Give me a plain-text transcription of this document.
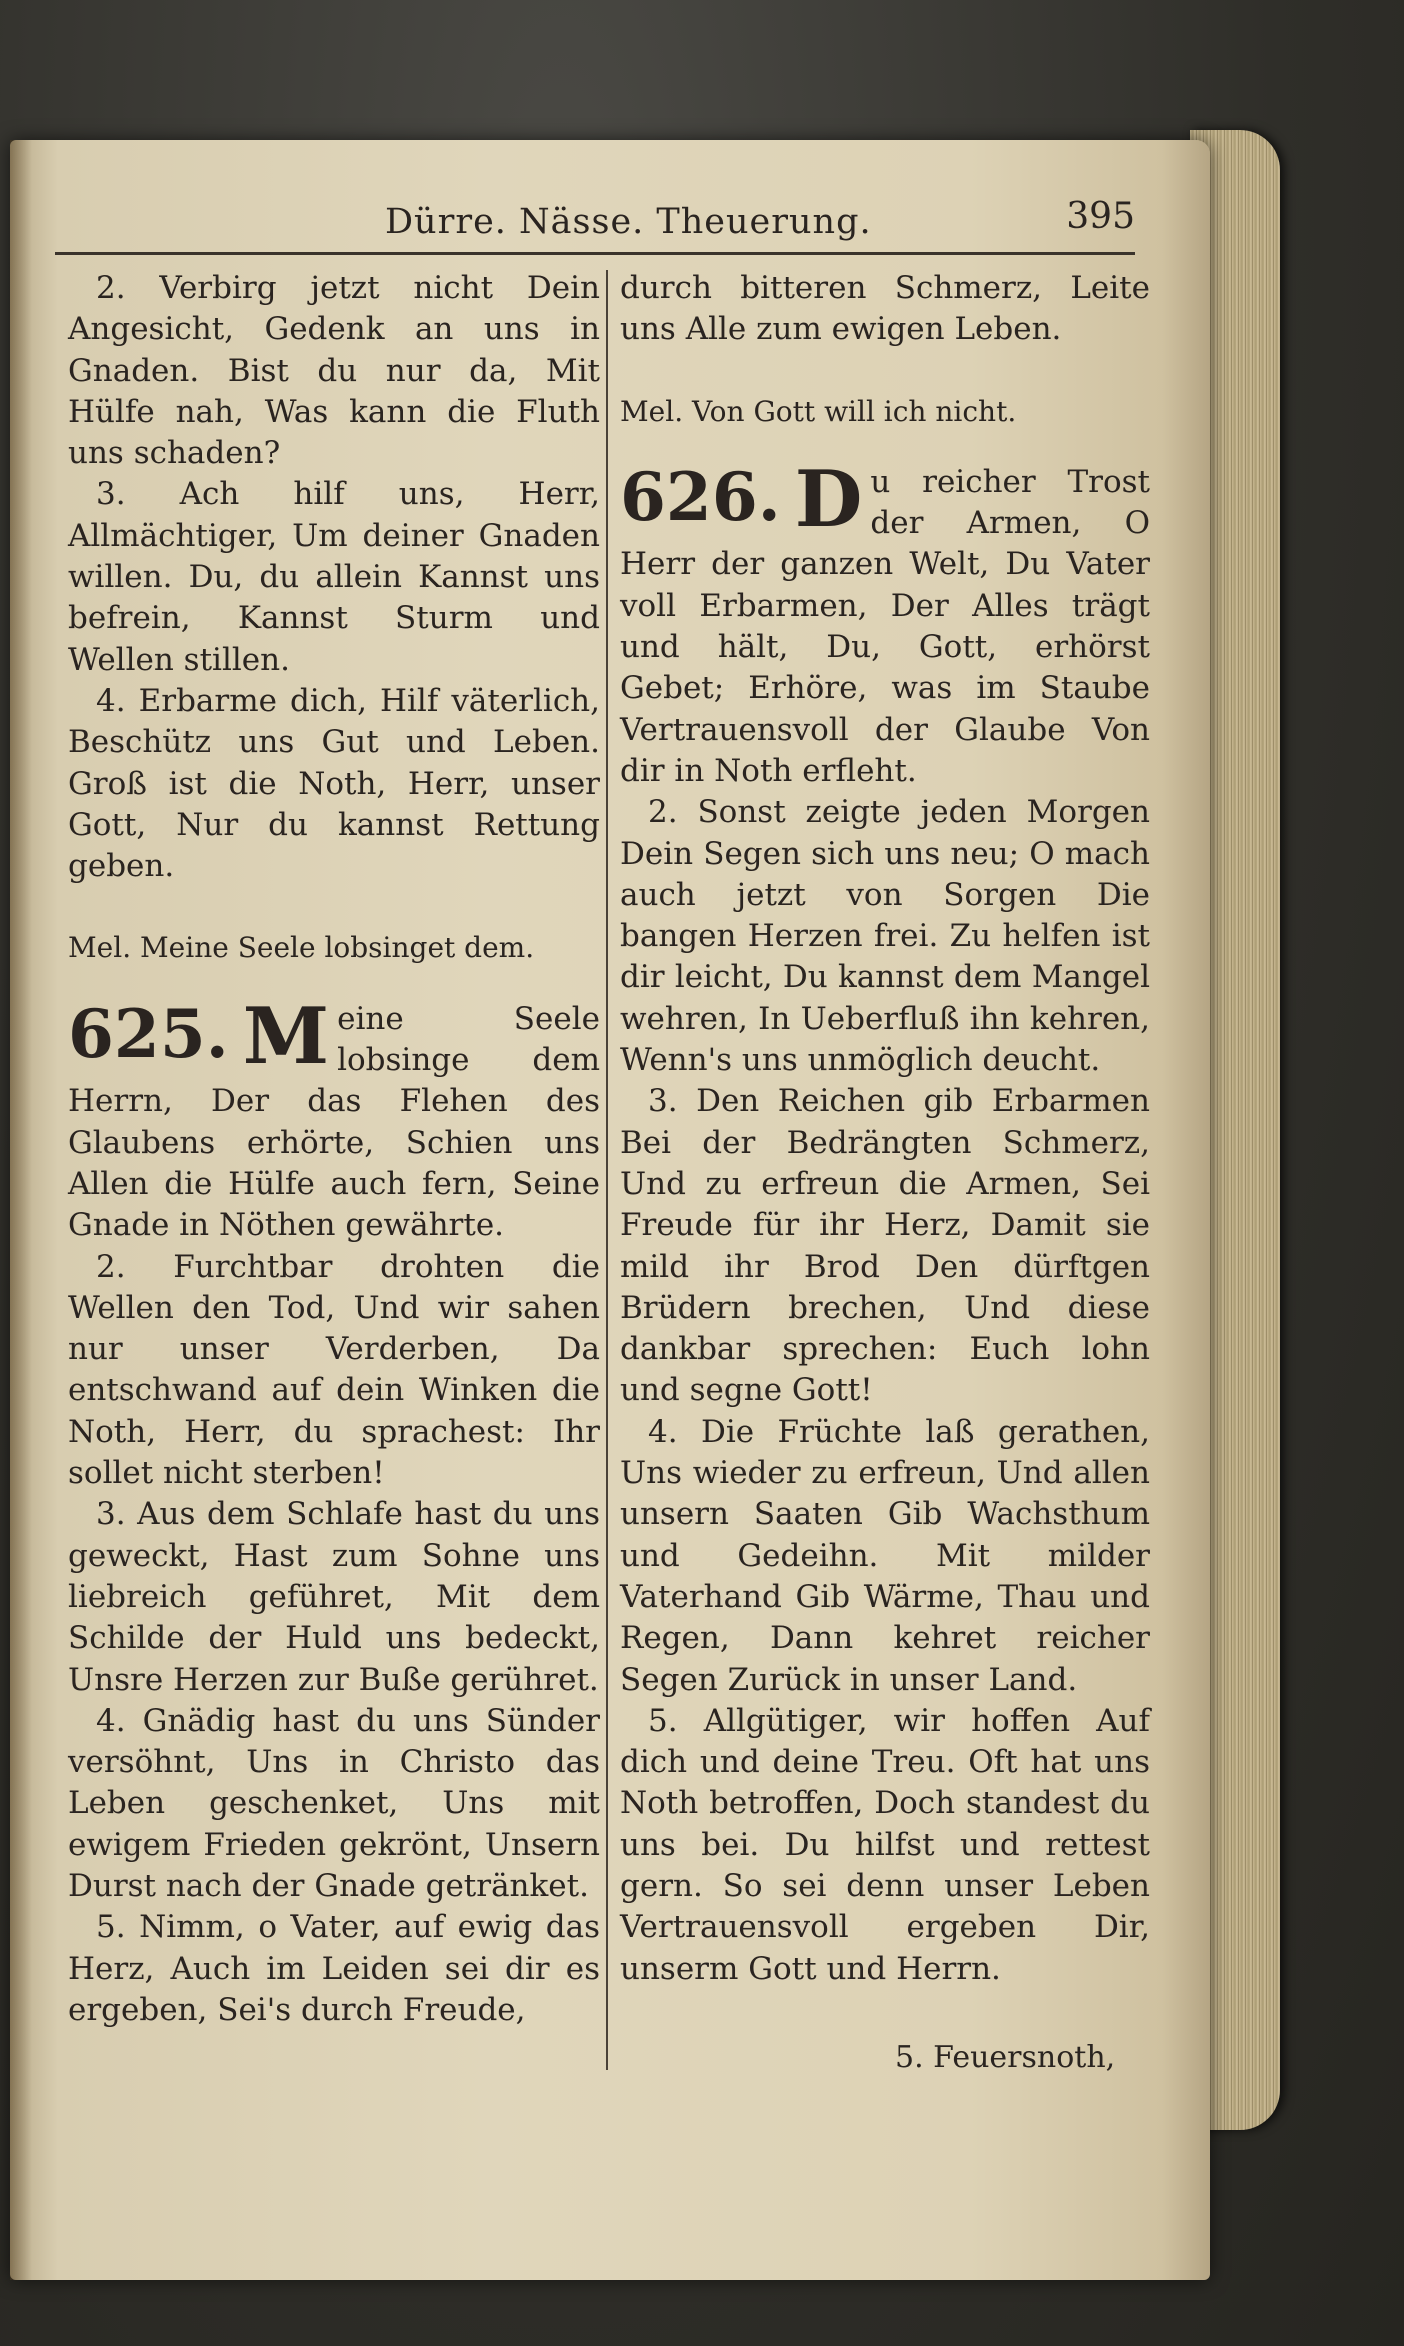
Dürre. Nässe. Theuerung.	395

2. Verbirg jetzt nicht Dein Angesicht, Gedenk an uns in Gnaden. Bist du nur da, Mit Hülfe nah, Was kann die Fluth uns schaden?

3. Ach hilf uns, Herr, Allmächtiger, Um deiner Gnaden willen. Du, du allein Kannst uns befrein, Kannst Sturm und Wellen stillen.

4. Erbarme dich, Hilf väterlich, Beschütz uns Gut und Leben. Groß ist die Noth, Herr, unser Gott, Nur du kannst Rettung geben.

Mel. Meine Seele lobsinget dem.

625. M eine Seele lobsinge dem Herrn, Der das Flehen des Glaubens erhörte, Schien uns Allen die Hülfe auch fern, Seine Gnade in Nöthen gewährte.

2. Furchtbar drohten die Wellen den Tod, Und wir sahen nur unser Verderben, Da entschwand auf dein Winken die Noth, Herr, du sprachest: Ihr sollet nicht sterben!

3. Aus dem Schlafe hast du uns geweckt, Hast zum Sohne uns liebreich geführet, Mit dem Schilde der Huld uns bedeckt, Unsre Herzen zur Buße gerühret.

4. Gnädig hast du uns Sünder versöhnt, Uns in Christo das Leben geschenket, Uns mit ewigem Frieden gekrönt, Unsern Durst nach der Gnade getränket.

5. Nimm, o Vater, auf ewig das Herz, Auch im Leiden sei dir es ergeben, Sei's durch Freude,

durch bitteren Schmerz, Leite uns Alle zum ewigen Leben.

Mel. Von Gott will ich nicht.

626. D u reicher Trost der Armen, O Herr der ganzen Welt, Du Vater voll Erbarmen, Der Alles trägt und hält, Du, Gott, erhörst Gebet; Erhöre, was im Staube Vertrauensvoll der Glaube Von dir in Noth erfleht.

2. Sonst zeigte jeden Morgen Dein Segen sich uns neu; O mach auch jetzt von Sorgen Die bangen Herzen frei. Zu helfen ist dir leicht, Du kannst dem Mangel wehren, In Ueberfluß ihn kehren, Wenn's uns unmöglich deucht.

3. Den Reichen gib Erbarmen Bei der Bedrängten Schmerz, Und zu erfreun die Armen, Sei Freude für ihr Herz, Damit sie mild ihr Brod Den dürftgen Brüdern brechen, Und diese dankbar sprechen: Euch lohn und segne Gott!

4. Die Früchte laß gerathen, Uns wieder zu erfreun, Und allen unsern Saaten Gib Wachsthum und Gedeihn. Mit milder Vaterhand Gib Wärme, Thau und Regen, Dann kehret reicher Segen Zurück in unser Land.

5. Allgütiger, wir hoffen Auf dich und deine Treu. Oft hat uns Noth betroffen, Doch standest du uns bei. Du hilfst und rettest gern. So sei denn unser Leben Vertrauensvoll ergeben Dir, unserm Gott und Herrn.

5. Feuersnoth,
